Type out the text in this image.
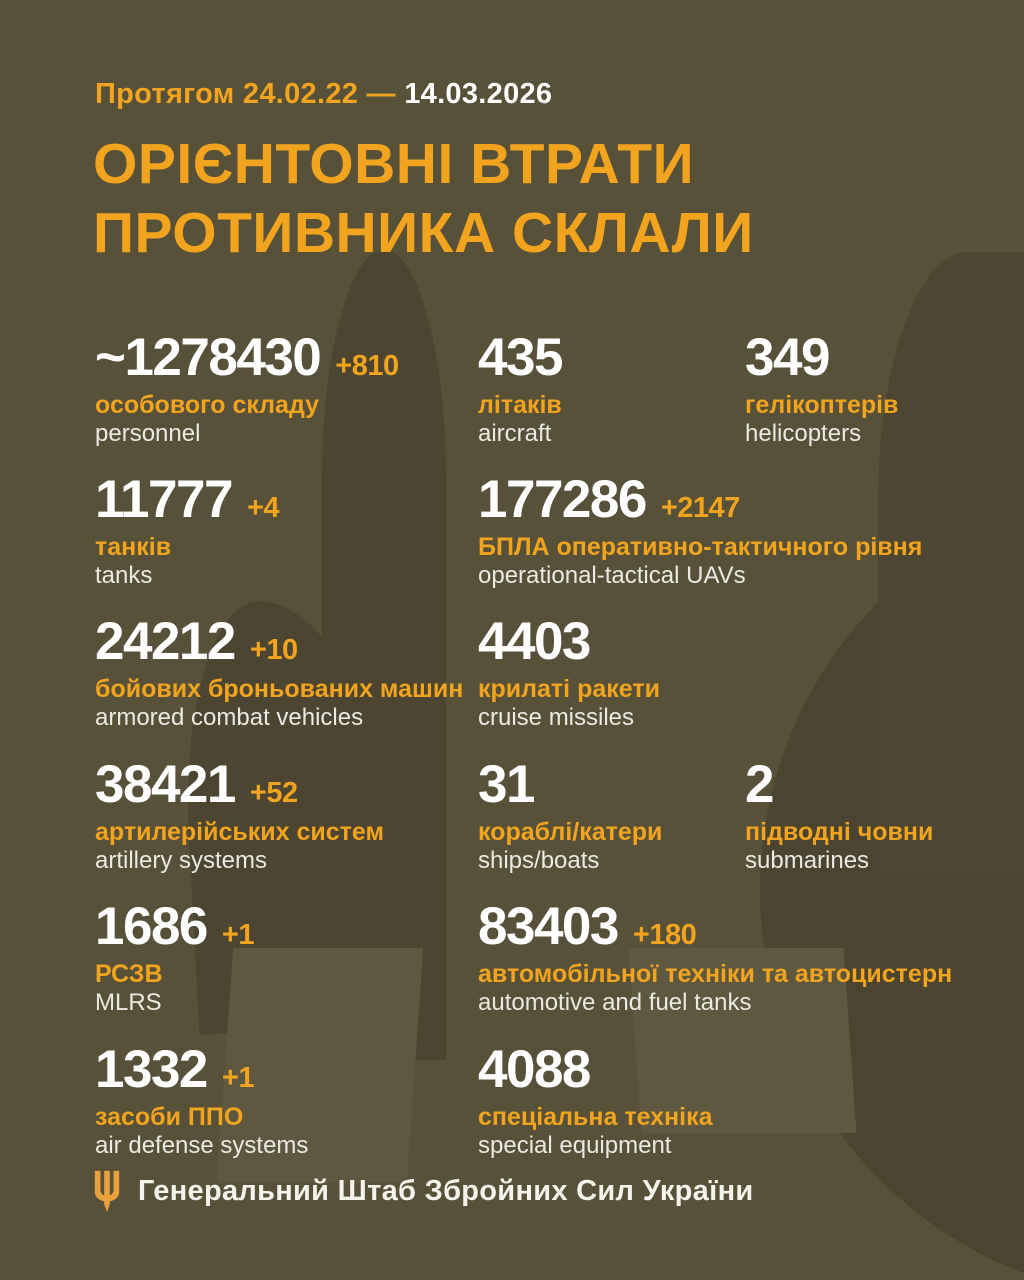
Протягом 24.02.22 — 14.03.2026
ОРІЄНТОВНІ ВТРАТИ
ПРОТИВНИКА СКЛАЛИ
~1278430 +810
особового складу
personnel
435
літаків
aircraft
349
гелікоптерів
helicopters
11777 +4
танків
tanks
177286 +2147
БПЛА оперативно-тактичного рівня
operational-tactical UAVs
24212 +10
бойових броньованих машин
armored combat vehicles
4403
крилаті ракети
cruise missiles
38421 +52
артилерійських систем
artillery systems
31
кораблі/катери
ships/boats
2
підводні човни
submarines
1686 +1
РСЗВ
MLRS
83403 +180
автомобільної техніки та автоцистерн
automotive and fuel tanks
1332 +1
засоби ППО
air defense systems
4088
спеціальна техніка
special equipment
Генеральний Штаб Збройних Сил України
